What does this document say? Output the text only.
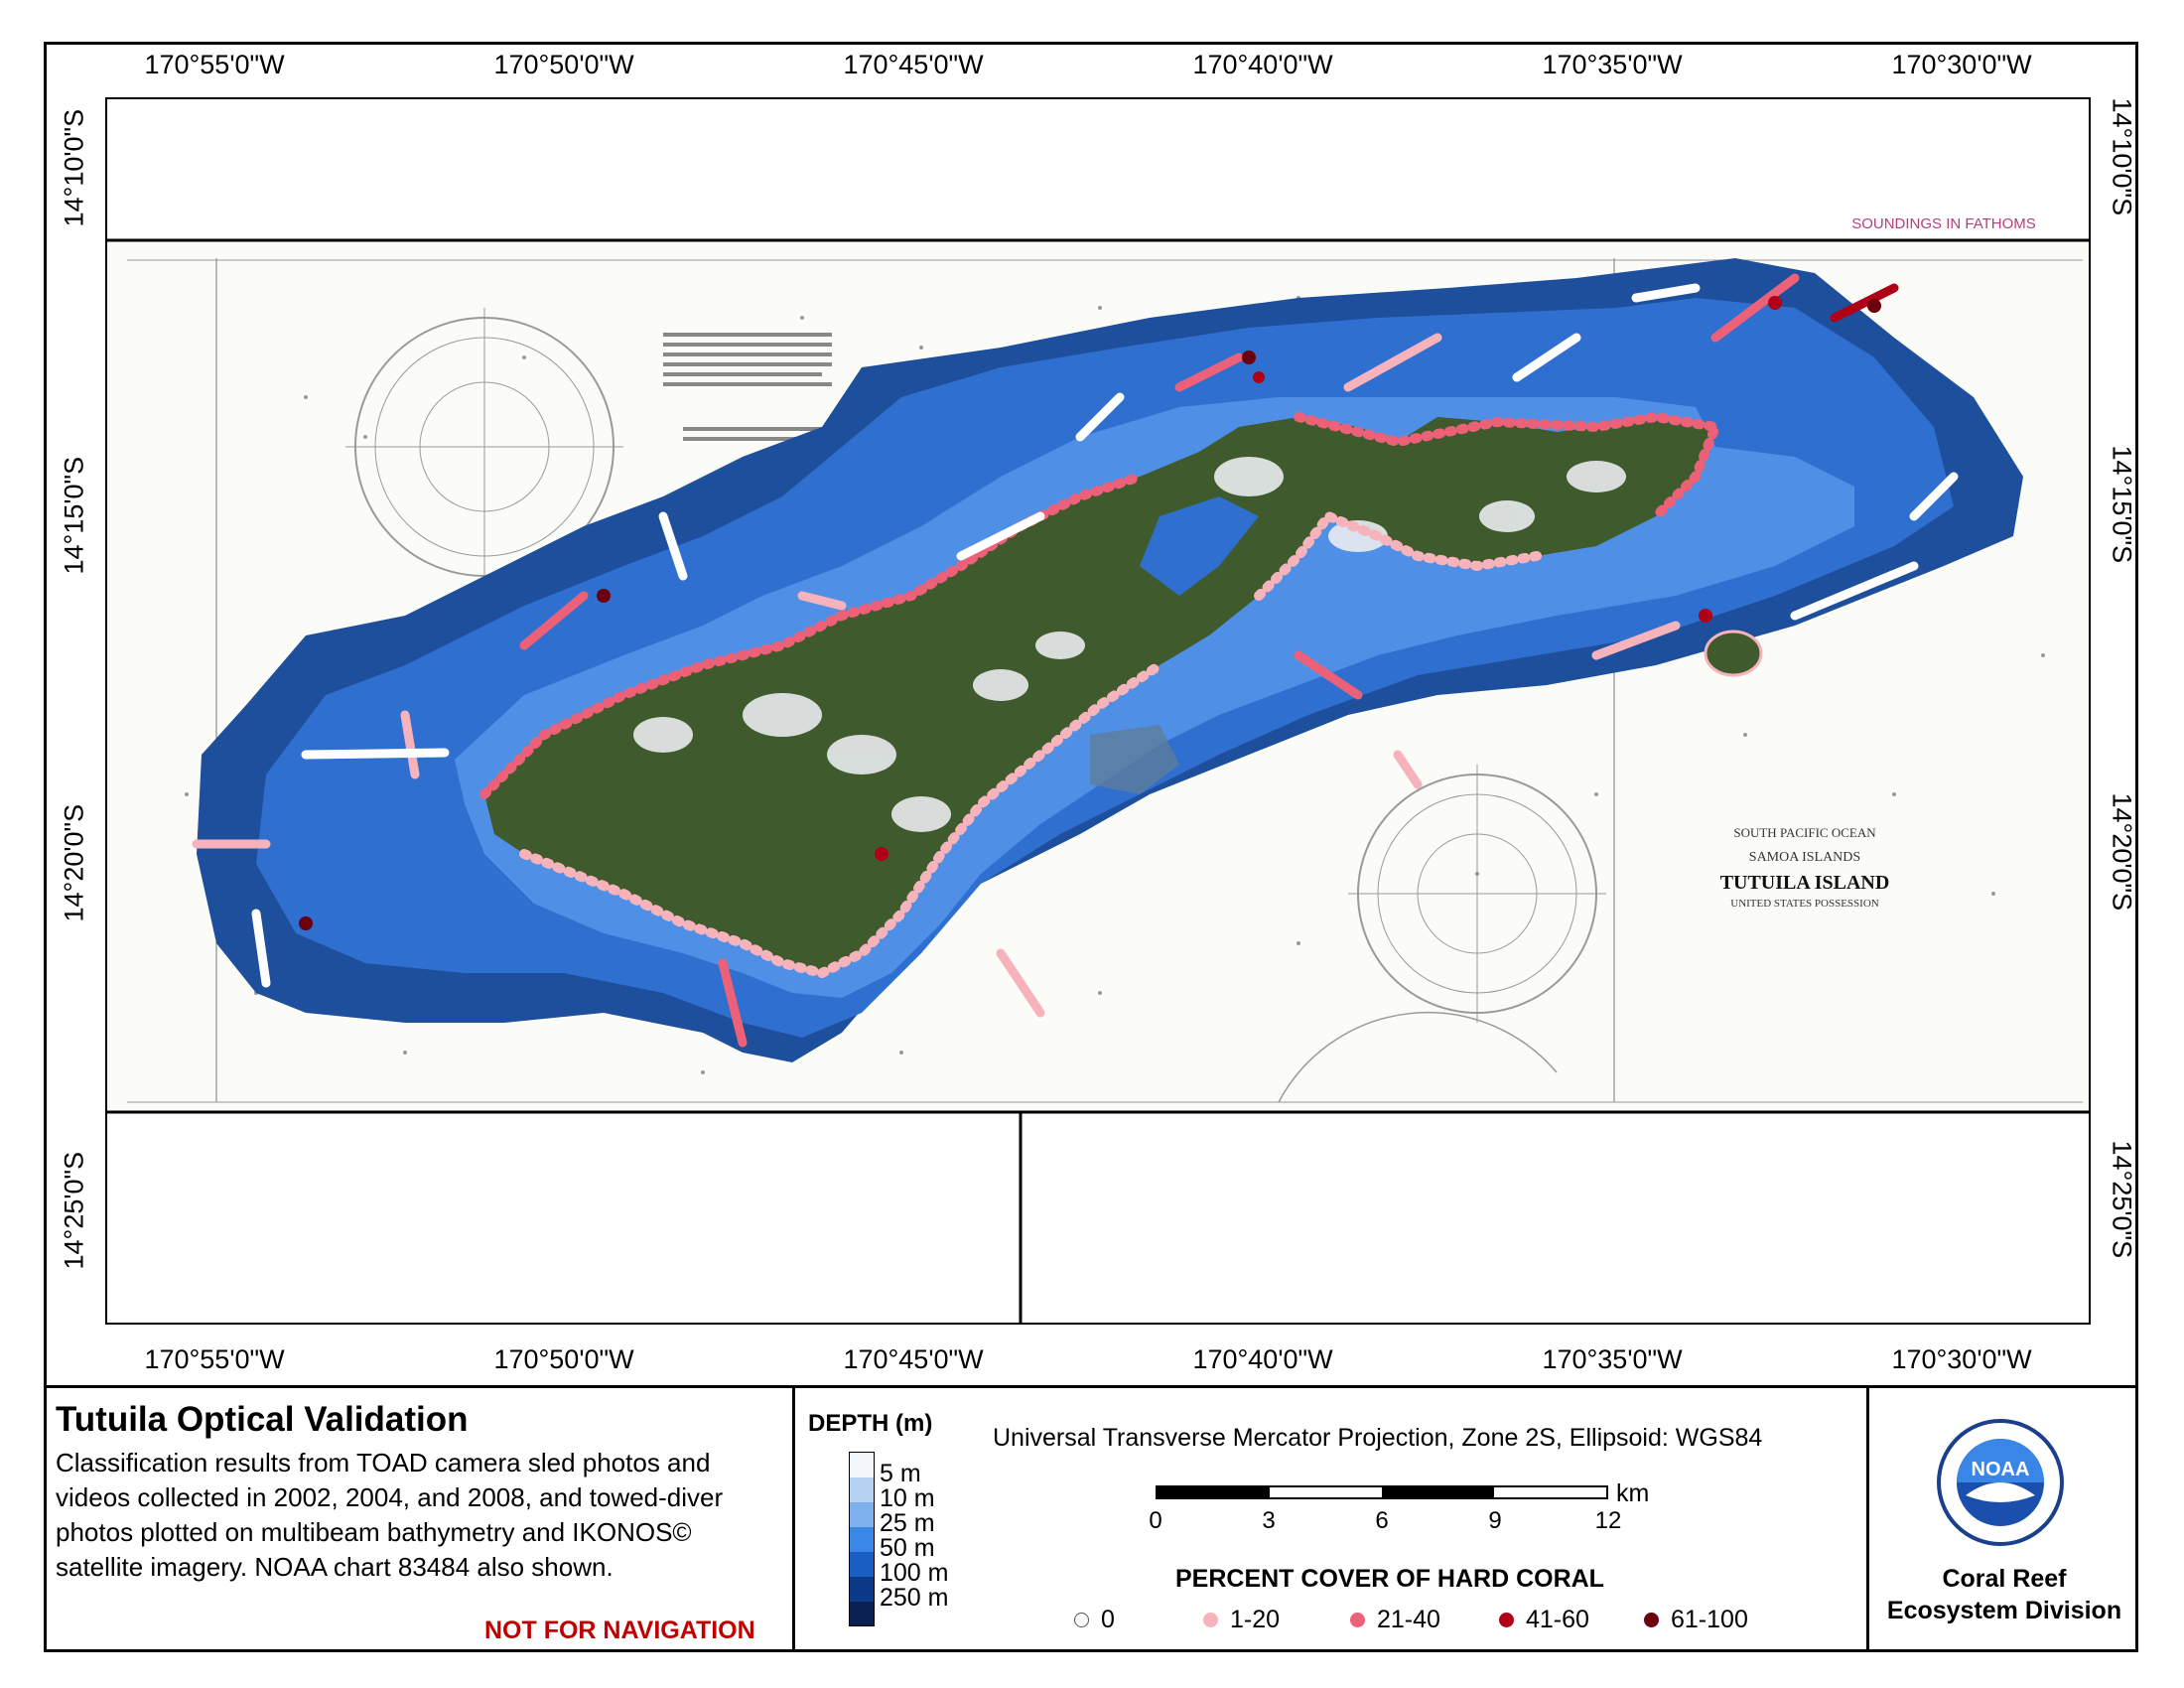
170°55'0"W	170°50'0"W	170°45'0"W	170°40'0"W	170°35'0"W	170°30'0"W
170°55'0"W	170°50'0"W	170°45'0"W	170°40'0"W	170°35'0"W	170°30'0"W
14°10'0"S
14°15'0"S
14°20'0"S
14°25'0"S
14°10'0"S
14°15'0"S
14°20'0"S
14°25'0"S
SOUTH PACIFIC OCEAN
SAMOA ISLANDS
TUTUILA ISLAND
UNITED STATES POSSESSION
SOUNDINGS IN FATHOMS
Tutuila Optical Validation
Classification results from TOAD camera sled photos and videos collected in 2002, 2004, and 2008, and towed-diver photos plotted on multibeam bathymetry and IKONOS© satellite imagery. NOAA chart 83484 also shown.
NOT FOR NAVIGATION
DEPTH (m)
5 m
10 m
25 m
50 m
100 m
250 m
Universal Transverse Mercator Projection, Zone 2S, Ellipsoid: WGS84
0	3	6	9	12
km
PERCENT COVER OF HARD CORAL
0	1-20	21-40	41-60	61-100
NOAA
Coral Reef
Ecosystem Division
